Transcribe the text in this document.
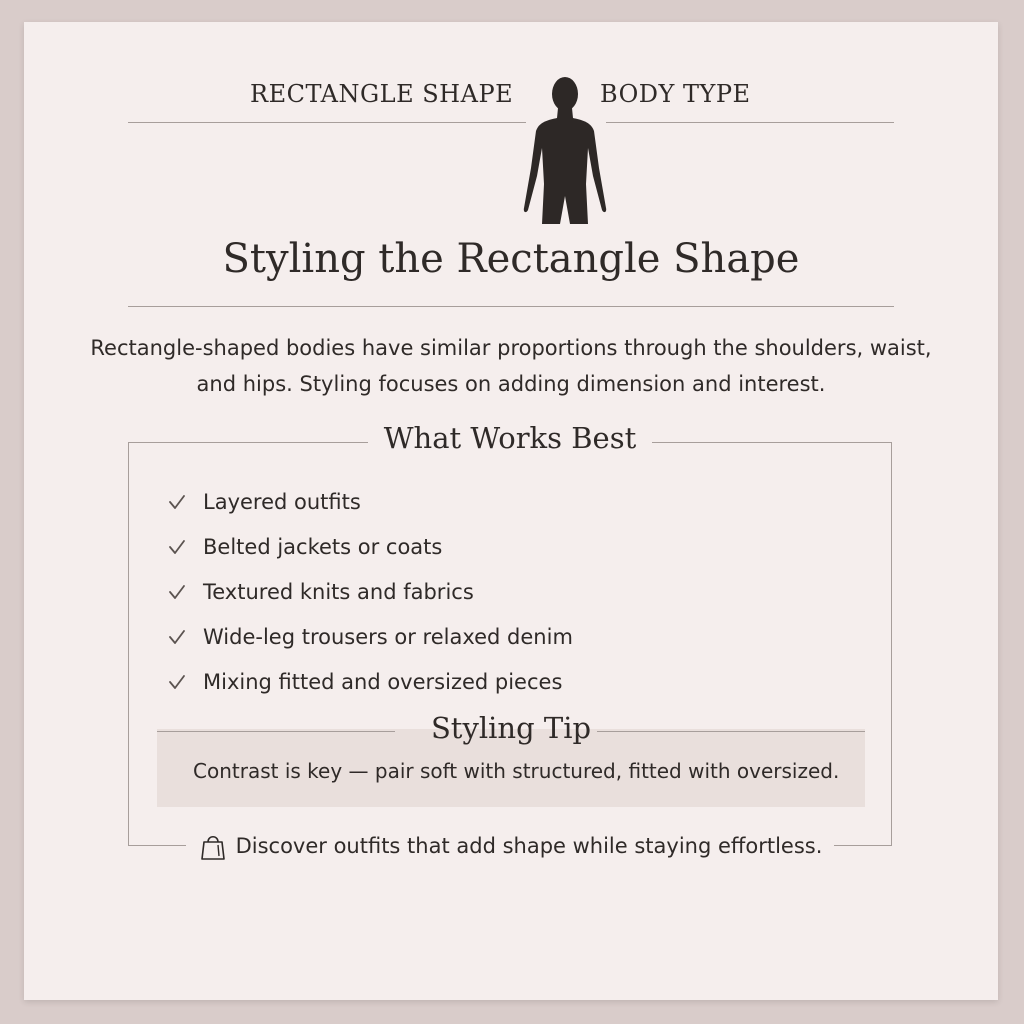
RECTANGLE SHAPE	BODY TYPE
Styling the Rectangle Shape
Rectangle-shaped bodies have similar proportions through the shoulders, waist,
and hips. Styling focuses on adding dimension and interest.
What Works Best
Layered outfits
Belted jackets or coats
Textured knits and fabrics
Wide-leg trousers or relaxed denim
Mixing fitted and oversized pieces
Styling Tip
Contrast is key — pair soft with structured, fitted with oversized.
Discover outfits that add shape while staying effortless.
